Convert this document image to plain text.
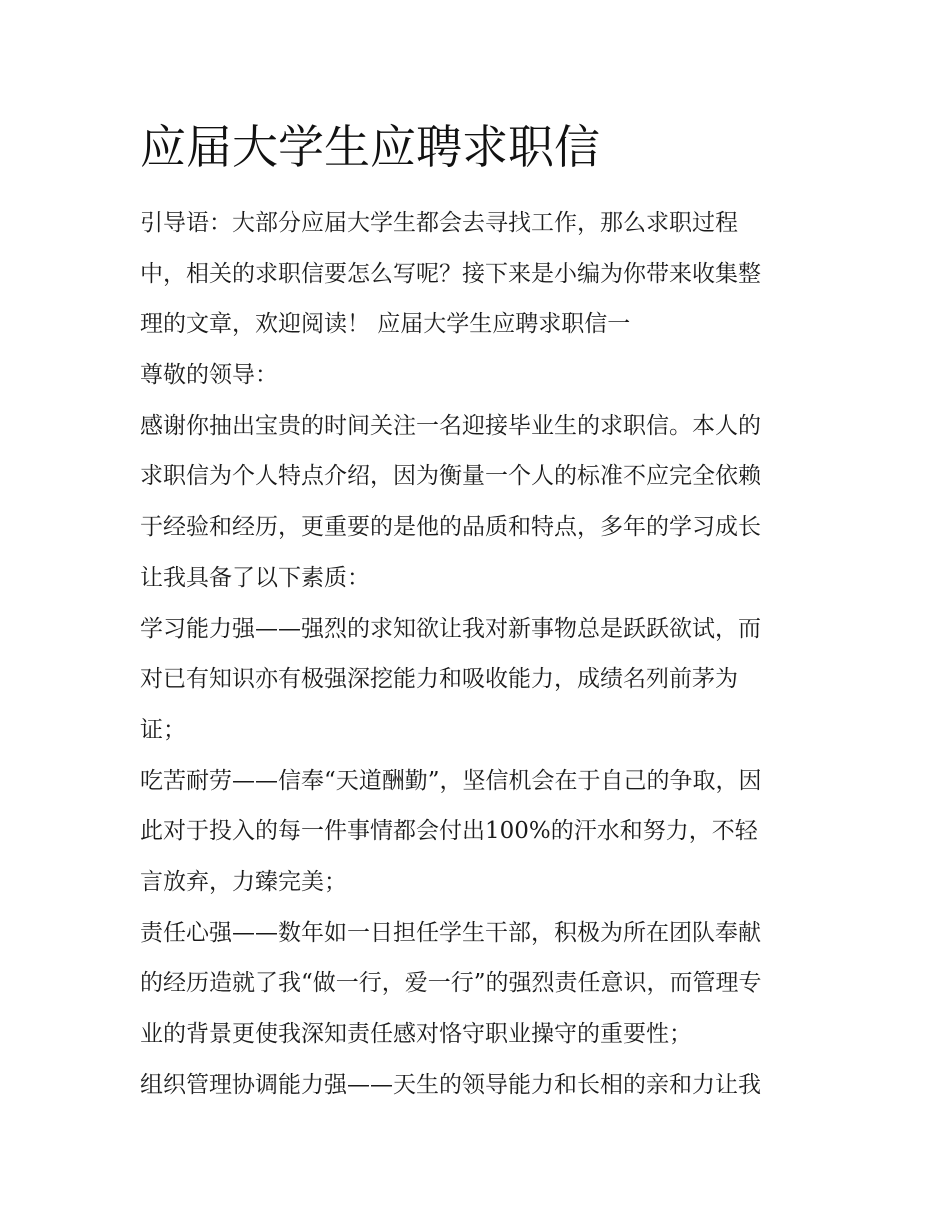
应届大学生应聘求职信
引导语：大部分应届大学生都会去寻找工作，那么求职过程
中，相关的求职信要怎么写呢？接下来是小编为你带来收集整
理的文章，欢迎阅读！ 应届大学生应聘求职信一
尊敬的领导：
感谢你抽出宝贵的时间关注一名迎接毕业生的求职信。本人的
求职信为个人特点介绍，因为衡量一个人的标准不应完全依赖
于经验和经历，更重要的是他的品质和特点，多年的学习成长
让我具备了以下素质：
学习能力强——强烈的求知欲让我对新事物总是跃跃欲试，而
对已有知识亦有极强深挖能力和吸收能力，成绩名列前茅为
证；
吃苦耐劳——信奉“天道酬勤”，坚信机会在于自己的争取，因
此对于投入的每一件事情都会付出100%的汗水和努力，不轻
言放弃，力臻完美；
责任心强——数年如一日担任学生干部，积极为所在团队奉献
的经历造就了我“做一行，爱一行”的强烈责任意识，而管理专
业的背景更使我深知责任感对恪守职业操守的重要性；
组织管理协调能力强——天生的领导能力和长相的亲和力让我
